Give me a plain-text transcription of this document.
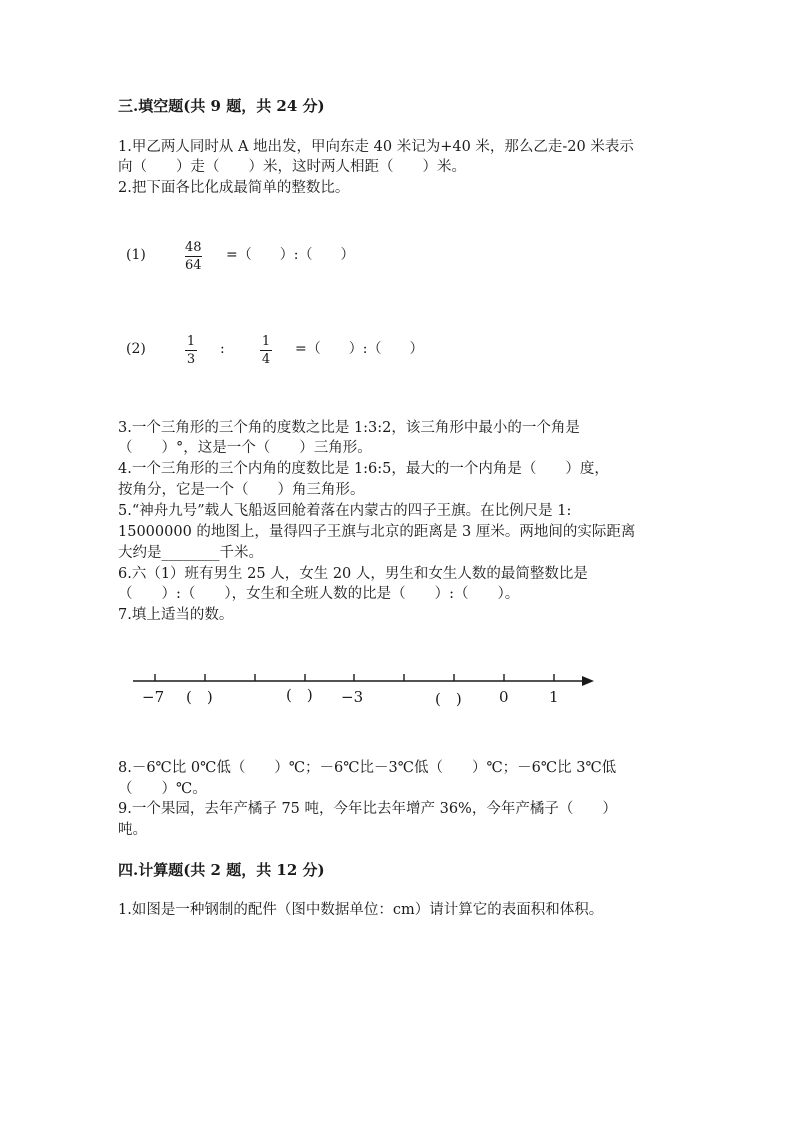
三.填空题(共 9 题，共 24 分)
1.甲乙两人同时从 A 地出发，甲向东走 40 米记为+40 米，那么乙走-20 米表示
向（　　）走（　　）米，这时两人相距（　　）米。
2.把下面各比化成最简单的整数比。
(1)	48
64
=（　　）:（　　）
(2)	1
3
:	1
4
=（　　）:（　　）
3.一个三角形的三个角的度数之比是 1:3:2，该三角形中最小的一个角是
（　　）°，这是一个（　　）三角形。
4.一个三角形的三个内角的度数比是 1:6:5，最大的一个内角是（　　）度，
按角分，它是一个（　　）角三角形。
5.“神舟九号”载人飞船返回舱着落在内蒙古的四子王旗。在比例尺是 1:
15000000 的地图上，量得四子王旗与北京的距离是 3 厘米。两地间的实际距离
大约是________千米。
6.六（1）班有男生 25 人，女生 20 人，男生和女生人数的最简整数比是
（　　）:（　　），女生和全班人数的比是（　　）:（　　）。
7.填上适当的数。
−7 (　)	(　) −3	(　) 0	1
8.－6℃比 0℃低（　　）℃；－6℃比－3℃低（　　）℃；－6℃比 3℃低
（　　）℃。
9.一个果园，去年产橘子 75 吨，今年比去年增产 36%，今年产橘子（　　）
吨。
四.计算题(共 2 题，共 12 分)
1.如图是一种钢制的配件（图中数据单位：cm）请计算它的表面积和体积。
